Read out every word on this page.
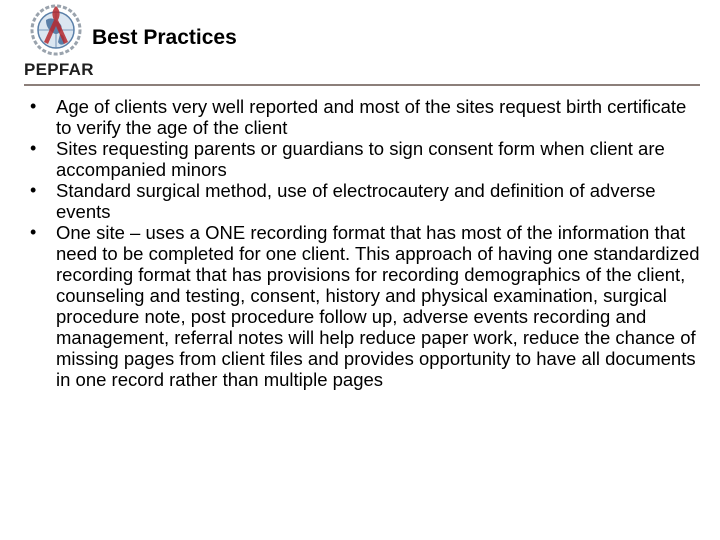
PEPFAR
Best Practices
• Age of clients very well reported and most of the sites request birth certificate to verify the age of the client
• Sites requesting parents or guardians to sign consent form when client are accompanied minors
• Standard surgical method, use of electrocautery and definition of adverse events
• One site – uses a ONE recording format that has most of the information that need to be completed for one client. This approach of having one standardized recording format that has provisions for recording demographics of the client, counseling and testing, consent, history and physical examination, surgical procedure note, post procedure follow up, adverse events recording and management, referral notes will help reduce paper work, reduce the chance of missing pages from client files and provides opportunity to have all documents in one record rather than multiple pages
